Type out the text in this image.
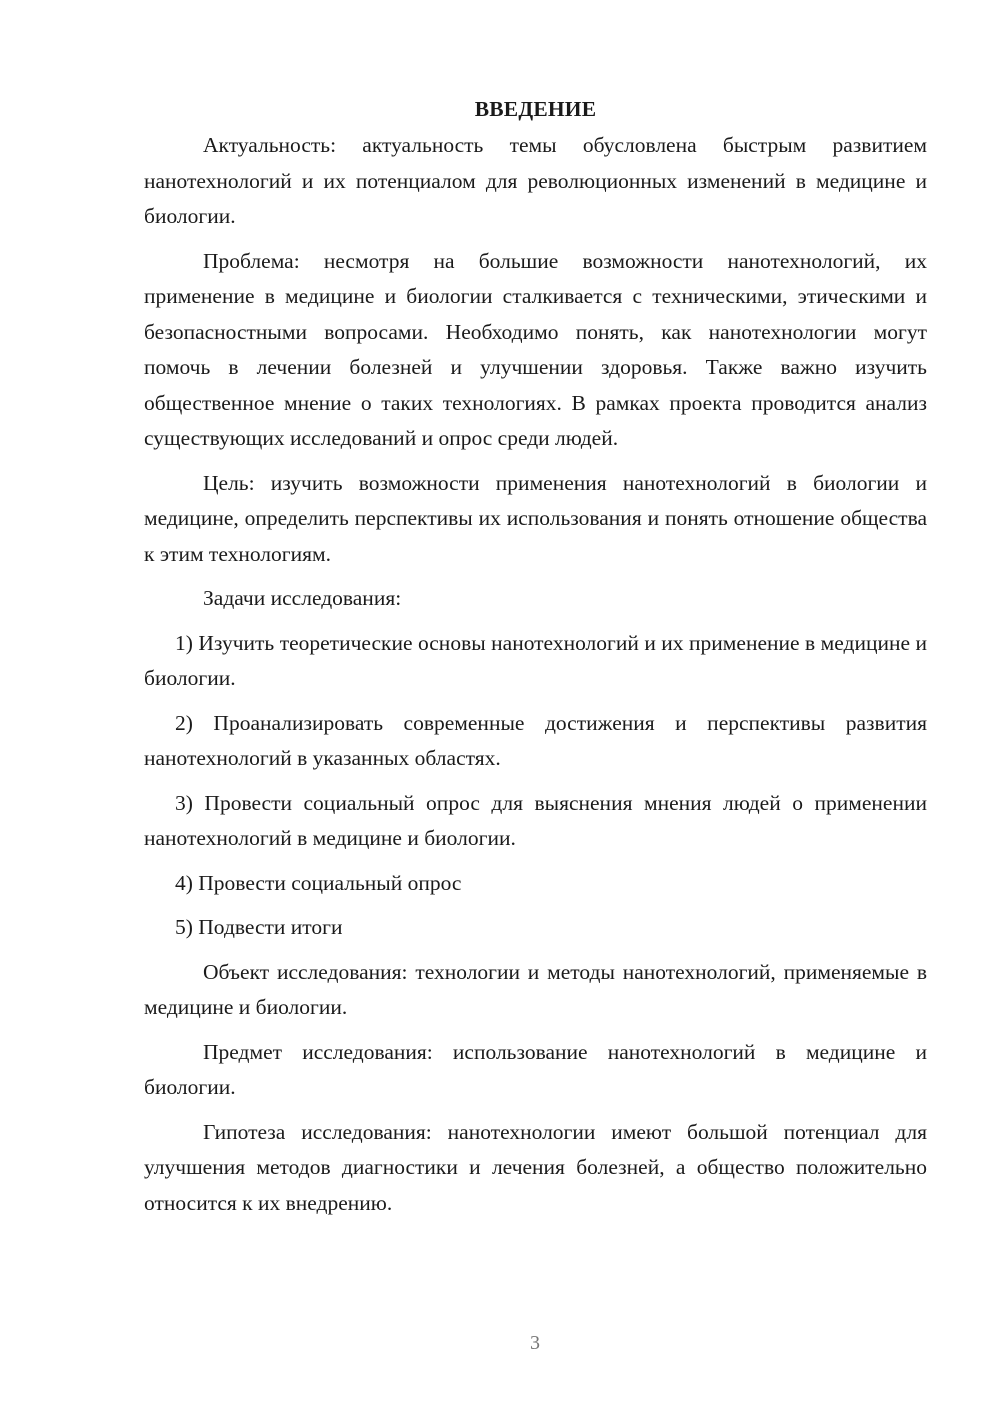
ВВЕДЕНИЕ

Актуальность: актуальность темы обусловлена быстрым развитием нанотехнологий и их потенциалом для революционных изменений в медицине и биологии.

Проблема: несмотря на большие возможности нанотехнологий, их применение в медицине и биологии сталкивается с техническими, этическими и безопасностными вопросами. Необходимо понять, как нанотехнологии могут помочь в лечении болезней и улучшении здоровья. Также важно изучить общественное мнение о таких технологиях. В рамках проекта проводится анализ существующих исследований и опрос среди людей.

Цель: изучить возможности применения нанотехнологий в биологии и медицине, определить перспективы их использования и понять отношение общества к этим технологиям.

Задачи исследования:

1) Изучить теоретические основы нанотехнологий и их применение в медицине и биологии.

2) Проанализировать современные достижения и перспективы развития нанотехнологий в указанных областях.

3) Провести социальный опрос для выяснения мнения людей о применении нанотехнологий в медицине и биологии.

4) Провести социальный опрос

5) Подвести итоги

Объект исследования: технологии и методы нанотехнологий, применяемые в медицине и биологии.

Предмет исследования: использование нанотехнологий в медицине и биологии.

Гипотеза исследования: нанотехнологии имеют большой потенциал для улучшения методов диагностики и лечения болезней, а общество положительно относится к их внедрению.

3
